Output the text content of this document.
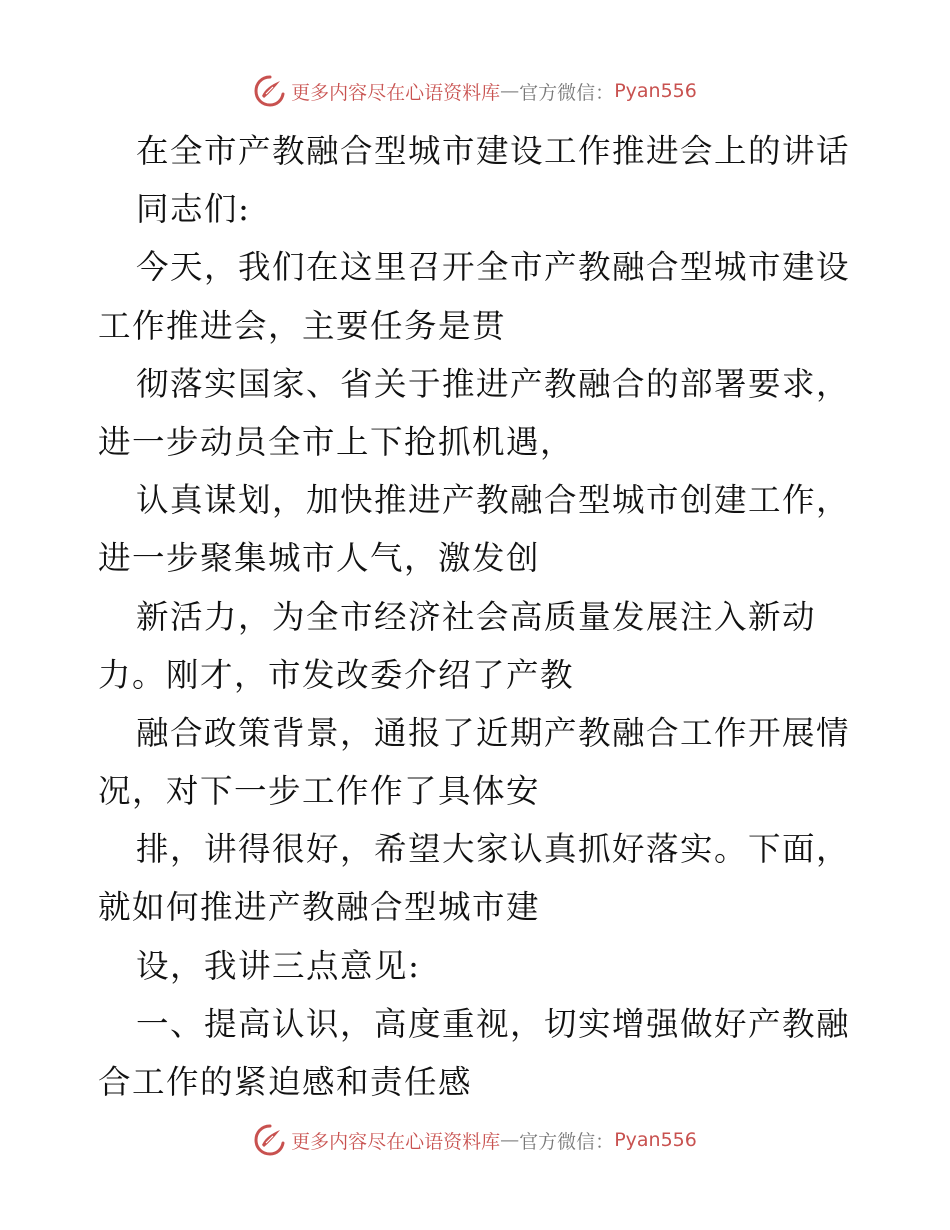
更多内容尽在心语资料库 — 官方微信： Pyan556
在全市产教融合型城市建设工作推进会上的讲话
同志们:
今天，我们在这里召开全市产教融合型城市建设
工作推进会，主要任务是贯
彻落实国家、省关于推进产教融合的部署要求，
进一步动员全市上下抢抓机遇，
认真谋划，加快推进产教融合型城市创建工作，
进一步聚集城市人气，激发创
新活力，为全市经济社会高质量发展注入新动
力。刚才，市发改委介绍了产教
融合政策背景，通报了近期产教融合工作开展情
况，对下一步工作作了具体安
排，讲得很好，希望大家认真抓好落实。下面，
就如何推进产教融合型城市建
设，我讲三点意见:
一、提高认识，高度重视，切实增强做好产教融
合工作的紧迫感和责任感
更多内容尽在心语资料库 — 官方微信： Pyan556
